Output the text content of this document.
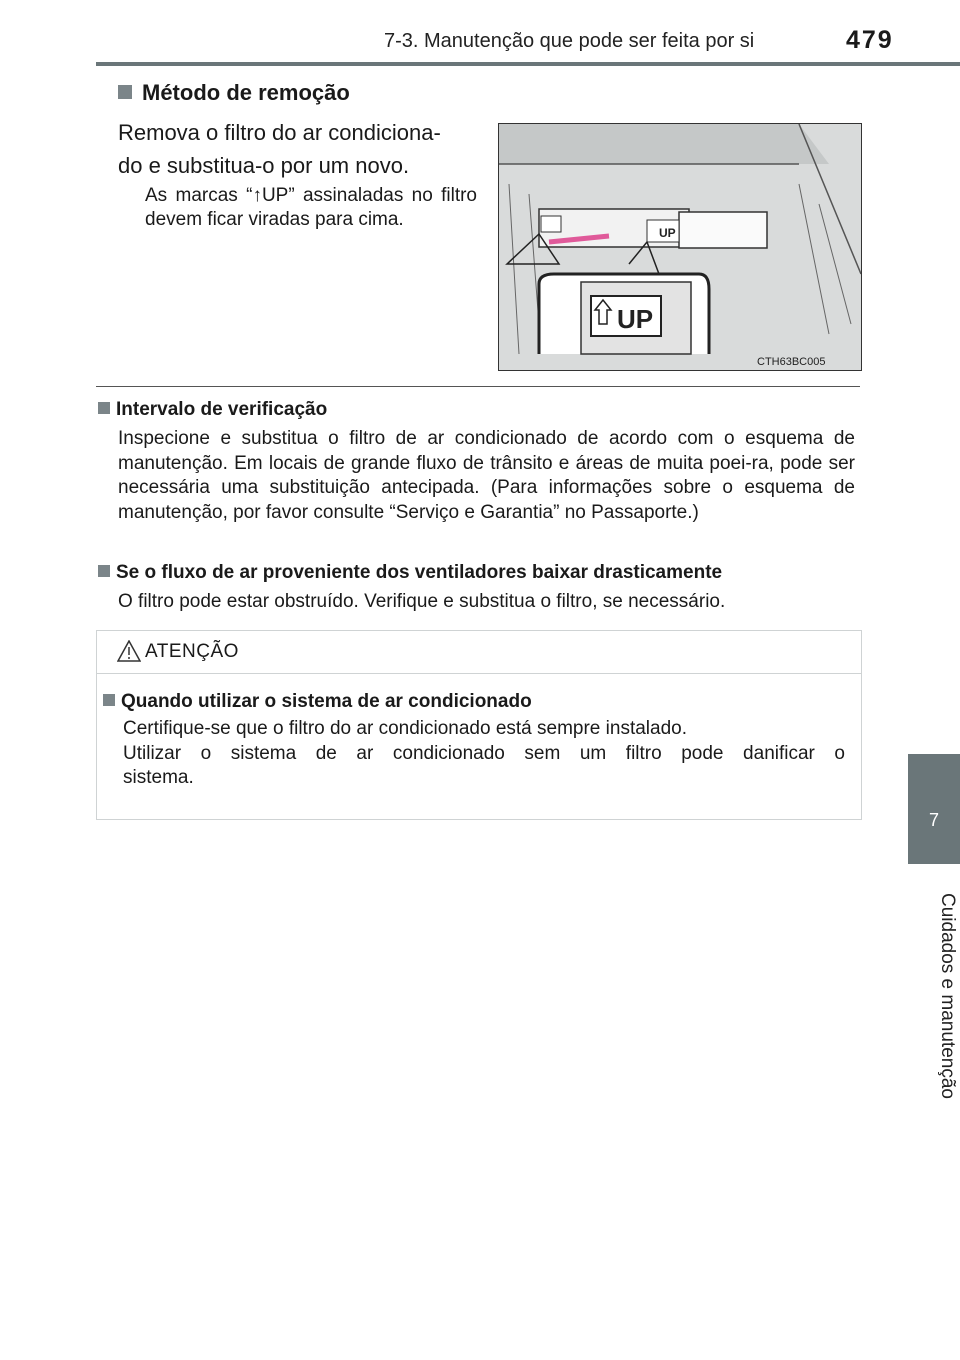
7-3. Manutenção que pode ser feita por si	479
7
Cuidados e manutenção
Método de remoção
Remova o filtro do ar condiciona-
do e substitua-o por um novo.
As marcas “↑UP” assinaladas no filtro devem ficar viradas para cima.
UP
UP
CTH63BC005
Intervalo de verificação
Inspecione e substitua o filtro de ar condicionado de acordo com o esquema de manutenção. Em locais de grande fluxo de trânsito e áreas de muita poei-ra, pode ser necessária uma substituição antecipada. (Para informações sobre o esquema de manutenção, por favor consulte “Serviço e Garantia” no Passaporte.)
Se o fluxo de ar proveniente dos ventiladores baixar drasticamente
O filtro pode estar obstruído. Verifique e substitua o filtro, se necessário.
ATENÇÃO
Quando utilizar o sistema de ar condicionado
Certifique-se que o filtro do ar condicionado está sempre instalado.
Utilizar o sistema de ar condicionado sem um filtro pode danificar o
sistema.
